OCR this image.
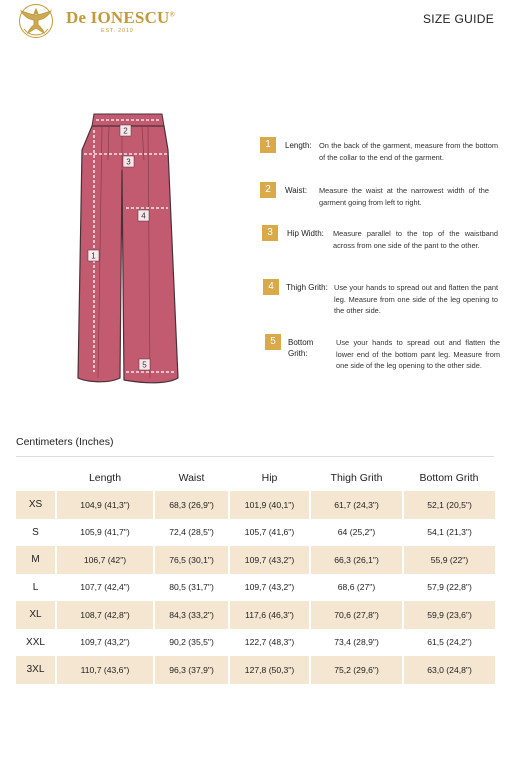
De IONESCU®
EST. 2019
SIZE GUIDE
1
2
3
4
5
1	Length: On the back of the garment, measure from the bottom of the collar to the end of the garment.
2	Waist:	Measure the waist at the narrowest width of the garment going from left to right.
3	Hip Width:	Measure parallel to the top of the waistband across from one side of the pant to the other.
4	Thigh Grith: Use your hands to spread out and flatten the pant leg. Measure from one side of the leg opening to the other side.
5	Bottom Grith:
Use your hands to spread out and flatten the lower end of the bottom pant leg. Measure from one side of the leg opening to the other side.
Centimeters (Inches)
	Length	Waist	Hip	Thigh Grith	Bottom Grith
XS	104,9 (41,3")	68,3 (26,9")	101,9 (40,1")	61,7 (24,3")	52,1 (20,5")
S	105,9 (41,7")	72,4 (28,5")	105,7 (41,6")	64 (25,2")	54,1 (21,3")
M	106,7 (42")	76,5 (30,1")	109,7 (43,2")	66,3 (26,1")	55,9 (22")
L	107,7 (42,4")	80,5 (31,7")	109,7 (43,2")	68,6 (27")	57,9 (22,8")
XL	108,7 (42,8")	84,3 (33,2")	117,6 (46,3")	70,6 (27,8")	59,9 (23,6")
XXL	109,7 (43,2")	90,2 (35,5")	122,7 (48,3")	73,4 (28,9")	61,5 (24,2")
3XL	110,7 (43,6")	96,3 (37,9")	127,8 (50,3")	75,2 (29,6")	63,0 (24,8")
